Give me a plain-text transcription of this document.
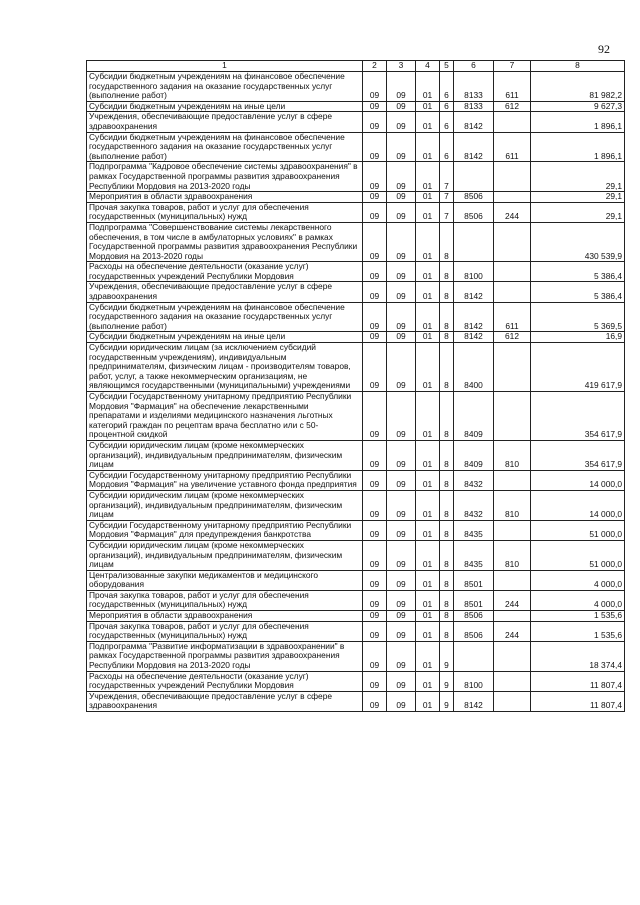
92
1	2	3	4	5	6	7	8
Субсидии бюджетным учреждениям на финансовое обеспечение государственного задания на оказание государственных услуг (выполнение работ)	09	09	01	6	8133	611	81 982,2
Субсидии бюджетным учреждениям на иные цели	09	09	01	6	8133	612	9 627,3
Учреждения, обеспечивающие предоставление услуг в сфере здравоохранения	09	09	01	6	8142		1 896,1
Субсидии бюджетным учреждениям на финансовое обеспечение государственного задания на оказание государственных услуг (выполнение работ)	09	09	01	6	8142	611	1 896,1
Подпрограмма "Кадровое обеспечение системы здравоохранения" в рамках Государственной программы развития здравоохранения Республики Мордовия на 2013-2020 годы	09	09	01	7			29,1
Мероприятия в области здравоохранения	09	09	01	7	8506		29,1
Прочая закупка товаров, работ и услуг для обеспечения государственных (муниципальных) нужд	09	09	01	7	8506	244	29,1
Подпрограмма "Совершенствование системы лекарственного обеспечения, в том числе в амбулаторных условиях" в рамках Государственной программы развития здравоохранения Республики Мордовия на 2013-2020 годы	09	09	01	8			430 539,9
Расходы на обеспечение деятельности (оказание услуг) государственных учреждений Республики Мордовия	09	09	01	8	8100		5 386,4
Учреждения, обеспечивающие предоставление услуг в сфере здравоохранения	09	09	01	8	8142		5 386,4
Субсидии бюджетным учреждениям на финансовое обеспечение государственного задания на оказание государственных услуг (выполнение работ)	09	09	01	8	8142	611	5 369,5
Субсидии бюджетным учреждениям на иные цели	09	09	01	8	8142	612	16,9
Субсидии юридическим лицам (за исключением субсидий государственным учреждениям), индивидуальным предпринимателям, физическим лицам - производителям товаров, работ, услуг, а также некоммерческим организациям, не являющимся государственными (муниципальными) учреждениями	09	09	01	8	8400		419 617,9
Субсидии Государственному унитарному предприятию Республики Мордовия "Фармация" на обеспечение лекарственными препаратами и изделиями медицинского назначения льготных категорий граждан по рецептам врача бесплатно или с 50-процентной скидкой	09	09	01	8	8409		354 617,9
Субсидии юридическим лицам (кроме некоммерческих организаций), индивидуальным предпринимателям, физическим лицам	09	09	01	8	8409	810	354 617,9
Субсидии Государственному унитарному предприятию Республики Мордовия "Фармация" на увеличение уставного фонда предприятия	09	09	01	8	8432		14 000,0
Субсидии юридическим лицам (кроме некоммерческих организаций), индивидуальным предпринимателям, физическим лицам	09	09	01	8	8432	810	14 000,0
Субсидии Государственному унитарному предприятию Республики Мордовия "Фармация" для предупреждения банкротства	09	09	01	8	8435		51 000,0
Субсидии юридическим лицам (кроме некоммерческих организаций), индивидуальным предпринимателям, физическим лицам	09	09	01	8	8435	810	51 000,0
Централизованные закупки медикаментов и медицинского оборудования	09	09	01	8	8501		4 000,0
Прочая закупка товаров, работ и услуг для обеспечения государственных (муниципальных) нужд	09	09	01	8	8501	244	4 000,0
Мероприятия в области здравоохранения	09	09	01	8	8506		1 535,6
Прочая закупка товаров, работ и услуг для обеспечения государственных (муниципальных) нужд	09	09	01	8	8506	244	1 535,6
Подпрограмма "Развитие информатизации в здравоохранении" в рамках Государственной программы развития здравоохранения Республики Мордовия на 2013-2020 годы	09	09	01	9			18 374,4
Расходы на обеспечение деятельности (оказание услуг) государственных учреждений Республики Мордовия	09	09	01	9	8100		11 807,4
Учреждения, обеспечивающие предоставление услуг в сфере здравоохранения	09	09	01	9	8142		11 807,4
